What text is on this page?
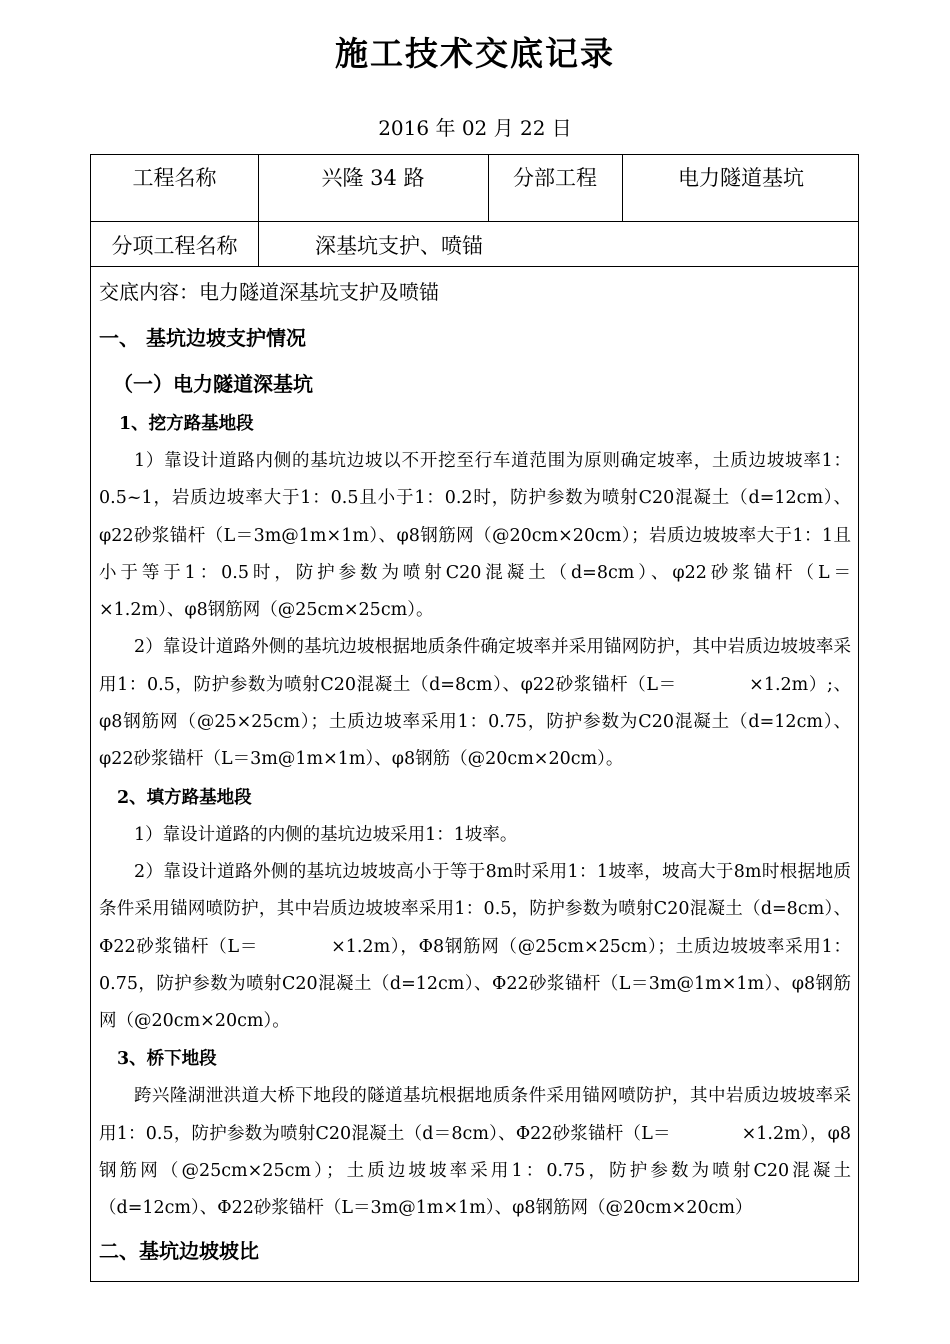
施工技术交底记录
2016 年 02 月 22 日
工程名称	兴隆 34 路	分部工程	电力隧道基坑
分项工程名称	深基坑支护、喷锚

交底内容：电力隧道深基坑支护及喷锚

一、 基坑边坡支护情况

（一）电力隧道深基坑

1、挖方路基地段

1）靠设计道路内侧的基坑边坡以不开挖至行车道范围为原则确定坡率，土质边坡坡率1：0.5~1，岩质边坡率大于1：0.5且小于1：0.2时，防护参数为喷射C20混凝土（d=12cm）、φ22砂浆锚杆（L＝3m@1m×1m）、φ8钢筋网（@20cm×20cm）；岩质边坡坡率大于1：1且小于等于1：0.5时，防护参数为喷射C20混凝土（d=8cm）、φ22砂浆锚杆（L＝　　　　×1.2m）、φ8钢筋网（@25cm×25cm）。

2）靠设计道路外侧的基坑边坡根据地质条件确定坡率并采用锚网防护，其中岩质边坡坡率采用1：0.5，防护参数为喷射C20混凝土（d=8cm）、φ22砂浆锚杆（L＝　　　　×1.2m）;、φ8钢筋网（@25×25cm）；土质边坡率采用1：0.75，防护参数为C20混凝土（d=12cm）、φ22砂浆锚杆（L＝3m@1m×1m）、φ8钢筋（@20cm×20cm）。

2、填方路基地段

1）靠设计道路的内侧的基坑边坡采用1：1坡率。

2）靠设计道路外侧的基坑边坡坡高小于等于8m时采用1：1坡率，坡高大于8m时根据地质条件采用锚网喷防护，其中岩质边坡坡率采用1：0.5，防护参数为喷射C20混凝土（d=8cm）、Φ22砂浆锚杆（L＝　　　　×1.2m），Φ8钢筋网（@25cm×25cm）；土质边坡坡率采用1：0.75，防护参数为喷射C20混凝土（d=12cm）、Φ22砂浆锚杆（L＝3m@1m×1m）、φ8钢筋网（@20cm×20cm）。

3、桥下地段

跨兴隆湖泄洪道大桥下地段的隧道基坑根据地质条件采用锚网喷防护，其中岩质边坡坡率采用1：0.5，防护参数为喷射C20混凝土（d＝8cm）、Φ22砂浆锚杆（L＝　　　　×1.2m），φ8钢筋网（@25cm×25cm）；土质边坡坡率采用1：0.75，防护参数为喷射C20混凝土（d=12cm）、Φ22砂浆锚杆（L＝3m@1m×1m）、φ8钢筋网（@20cm×20cm）

二、基坑边坡坡比
